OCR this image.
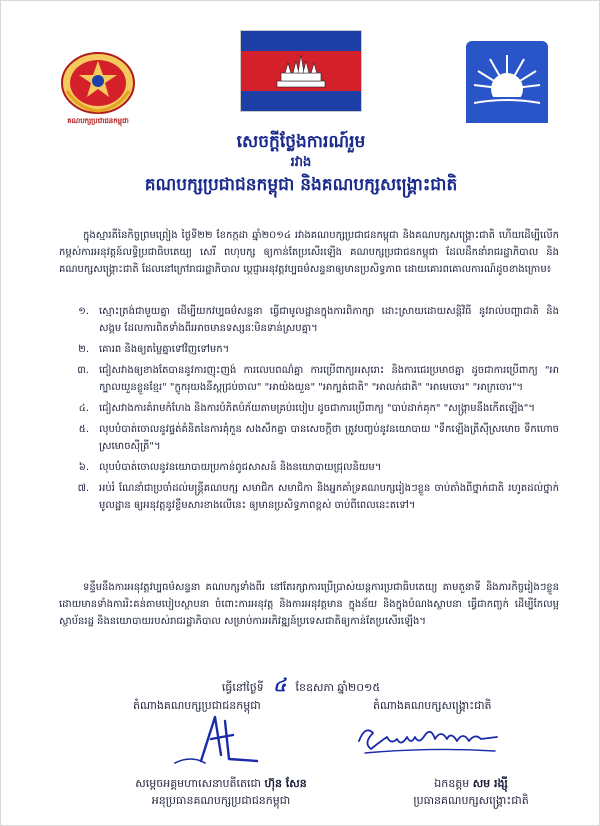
គណបក្សប្រជាជនកម្ពុជា
សេចក្ដីថ្លែងការណ៍រួម
រវាង
គណបក្សប្រជាជនកម្ពុជា និងគណបក្សសង្គ្រោះជាតិ
ក្នុងស្មារតីនៃកិច្ចព្រមព្រៀង ថ្ងៃទី២២ ខែកក្កដា ឆ្នាំ២០១៤ រវាងគណបក្សប្រជាជនកម្ពុជា និងគណបក្សសង្គ្រោះជាតិ ហើយដើម្បីលើកកម្ពស់ការអនុវត្តន៍លទ្ធិប្រជាធិបតេយ្យ សេរី ពហុបក្ស ឲ្យកាន់តែប្រសើរឡើង គណបក្សប្រជាជនកម្ពុជា ដែលដឹកនាំរាជរដ្ឋាភិបាល និងគណបក្សសង្គ្រោះជាតិ ដែលនៅក្រៅរាជរដ្ឋាភិបាល ប្ដេជ្ញាអនុវត្តវប្បធម៌សន្ទនាឲ្យមានប្រសិទ្ធភាព ដោយគោរពគោលការណ៍ដូចខាងក្រោម៖
១.	ស្មោះត្រង់ជាមួយគ្នា ដើម្បីយកវប្បធម៌សន្ទនា ធ្វើជាមូលដ្ឋានក្នុងការពិភាក្សា ដោះស្រាយដោយសន្តិវិធី នូវរាល់បញ្ហាជាតិ និងសង្គម ដែលការពិតទាំងពីរអាចមានទស្សនៈមិនទាន់ស្របគ្នា។
២.	គោរព និងឲ្យតម្លៃគ្នាទៅវិញទៅមក។
៣.	ជៀសវាងឲ្យខាងតែបាននូវការញុះញង់ ការលេបពណ៌គ្នា ការប្រើពាក្យអសុរោះ និងការជេរប្រមាថគ្នា ដូចជាការប្រើពាក្យ "អាក្បាលយួនខ្លួនខ្មែរ" "ក្លូករុយងនីស្តជ្រប់ចាល" "អាយ៉ងយួន" "អាក្បត់ជាតិ" "អាលក់ជាតិ" "អាមេចោរ" "អាក្រចោរ"។
៤.	ជៀសវាងការគំរាមកំហែង និងការបំភិតបំភ័យតាមគ្រប់របៀប ដូចជាការប្រើពាក្យ "បាប់ដាក់គុក" "សង្គ្រាមនឹងកើតឡើង"។
៥.	លុបបំបាត់ចោលនូវផ្ទត់គំនិតនៃការគុំកួន សងសឹកគ្នា បានសេចក្ដីថា ត្រូវបញ្ចប់នូវនយោបាយ "ទឹកឡើងត្រីស៊ីស្រមោច ទឹកហោចស្រមោចស៊ីត្រី"។
៦.	លុបបំបាត់ចោលនូវនយោបាយប្រកាន់ពូជសាសន៍ និងនយោបាយជ្រុលនិយម។
៧.	អប់រំ ណែនាំជាប្រចាំដល់មន្ត្រីគណបក្ស សមាជិក សមាជិកា និងអ្នកគាំទ្រគណបក្សរៀងៗខ្លួន ចាប់តាំងពីថ្នាក់ជាតិ រហូតដល់ថ្នាក់មូលដ្ឋាន ឲ្យអនុវត្តនូវខ្លឹមសារខាងលើនេះ ឲ្យមានប្រសិទ្ធភាពខ្ពស់ ចាប់ពីពេលនេះតទៅ។
ទន្ទឹមនឹងការអនុវត្តវប្បធម៌សន្ទនា គណបក្សទាំងពីរ នៅតែរក្សាការប្រើប្រាស់យន្តការប្រជាធិបតេយ្យ តាមតួនាទី និងភារកិច្ចរៀងៗខ្លួន ដោយមានទាំងការរិះគន់តាមបៀបស្ថាបនា ចំពោះការអនុវត្ត និងការអនុវត្តមាន ក្នុងន័យ និងក្នុងបំណងស្ថាបនា ធ្វើជាកញ្ចក់ ដើម្បីកែលម្អស្ថាប័នរដ្ឋ និងនយោបាយរបស់រាជរដ្ឋាភិបាល សម្រាប់ការអភិវឌ្ឍន៍ប្រទេសជាតិឲ្យកាន់តែប្រសើរឡើង។
ធ្វើនៅថ្ងៃទី ៤ ខែឧសភា ឆ្នាំ២០១៥
តំណាងគណបក្សប្រជាជនកម្ពុជា	តំណាងគណបក្សសង្គ្រោះជាតិ
សម្ដេចអគ្គមហាសេនាបតីតេជោ ហ៊ុន សែន
អនុប្រធានគណបក្សប្រជាជនកម្ពុជា
ឯកឧត្ដម សម រង្ស៊ី
ប្រធានគណបក្សសង្គ្រោះជាតិ
